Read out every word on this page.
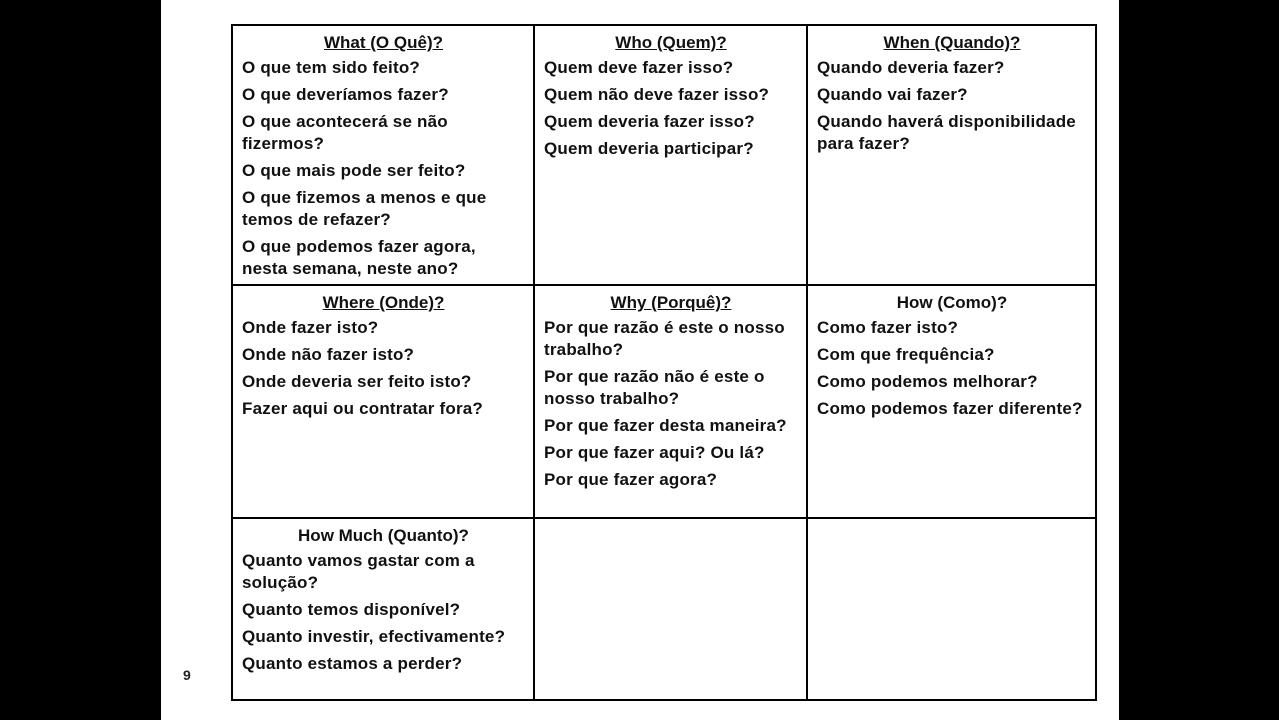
What (O Quê)?
O que tem sido feito?
O que deveríamos fazer?
O que acontecerá se não fizermos?
O que mais pode ser feito?
O que fizemos a menos e que temos de refazer?
O que podemos fazer agora, nesta semana, neste ano?
Who (Quem)?
Quem deve fazer isso?
Quem não deve fazer isso?
Quem deveria fazer isso?
Quem deveria participar?
When (Quando)?
Quando deveria fazer?
Quando vai fazer?
Quando haverá disponibilidade para fazer?
Where (Onde)?
Onde fazer isto?
Onde não fazer isto?
Onde deveria ser feito isto?
Fazer aqui ou contratar fora?
Why (Porquê)?
Por que razão é este o nosso trabalho?
Por que razão não é este o nosso trabalho?
Por que fazer desta maneira?
Por que fazer aqui? Ou lá?
Por que fazer agora?
How (Como)?
Como fazer isto?
Com que frequência?
Como podemos melhorar?
Como podemos fazer diferente?
How Much (Quanto)?
Quanto vamos gastar com a solução?
Quanto temos disponível?
Quanto investir, efectivamente?
Quanto estamos a perder?
9
